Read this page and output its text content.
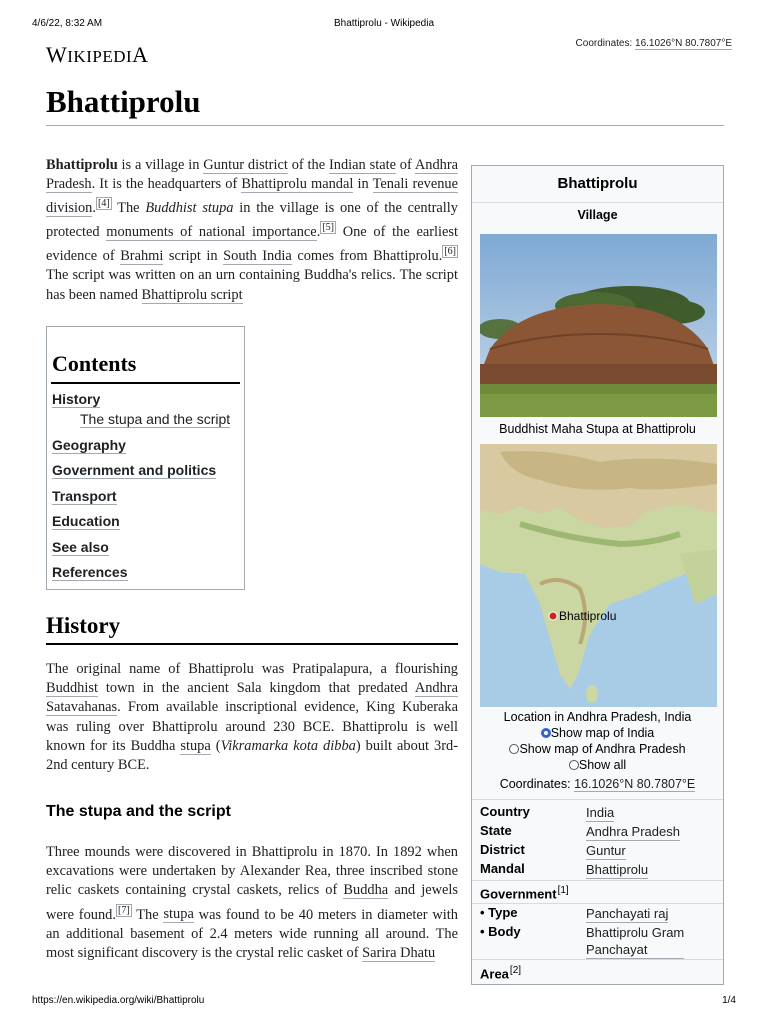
4/6/22, 8:32 AM	Bhattiprolu - Wikipedia
WIKIPEDIA	Coordinates: 16.1026°N 80.7807°E
Bhattiprolu
Bhattiprolu is a village in Guntur district of the Indian state of Andhra Pradesh. It is the headquarters of Bhattiprolu mandal in Tenali revenue division. [4] The Buddhist stupa in the village is one of the centrally protected monuments of national importance. [5] One of the earliest evidence of Brahmi script in South India comes from Bhattiprolu. [6] The script was written on an urn containing Buddha's relics. The script has been named Bhattiprolu script
Contents
History
The stupa and the script
Geography
Government and politics
Transport
Education
See also
References
History
The original name of Bhattiprolu was Pratipalapura, a flourishing Buddhist town in the ancient Sala kingdom that predated Andhra Satavahanas. From available inscriptional evidence, King Kuberaka was ruling over Bhattiprolu around 230 BCE. Bhattiprolu is well known for its Buddha stupa (Vikramarka kota dibba) built about 3rd-2nd century BCE.
The stupa and the script
Three mounds were discovered in Bhattiprolu in 1870. In 1892 when excavations were undertaken by Alexander Rea, three inscribed stone relic caskets containing crystal caskets, relics of Buddha and jewels were found. [7] The stupa was found to be 40 meters in diameter with an additional basement of 2.4 meters wide running all around. The most significant discovery is the crystal relic casket of Sarira Dhatu
Bhattiprolu
Village
Buddhist Maha Stupa at Bhattiprolu
Bhattiprolu
Location in Andhra Pradesh, India
Show map of India
Show map of Andhra Pradesh
Show all
Coordinates: 16.1026°N 80.7807°E
Country	India
State	Andhra Pradesh
District	Guntur
Mandal	Bhattiprolu
Government[1]
• Type	Panchayati raj
• Body	Bhattiprolu Gram
Panchayat
Area[2]
https://en.wikipedia.org/wiki/Bhattiprolu	1/4
